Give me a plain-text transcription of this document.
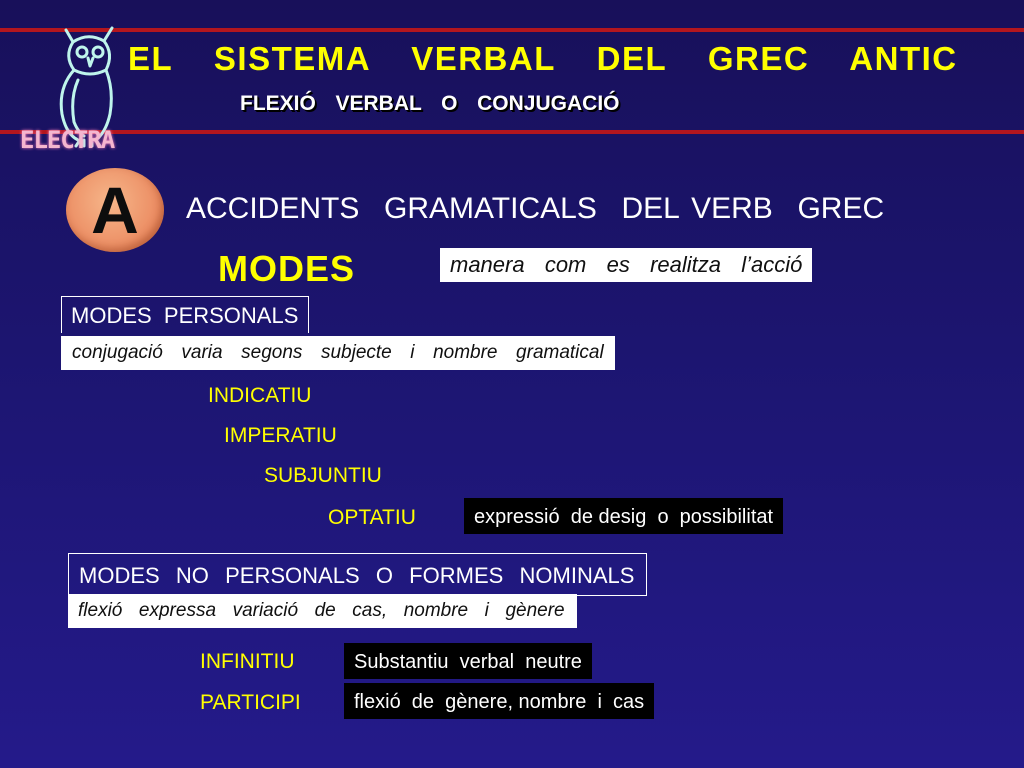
ELECTRA
EL  SISTEMA  VERBAL  DEL  GREC  ANTIC
FLEXIÓ  VERBAL  O  CONJUGACIÓ
A	ACCIDENTS  GRAMATICALS  DEL VERB  GREC
MODES	manera  com  es  realitza  l’acció
MODES  PERSONALS
conjugació  varia  segons  subjecte  i  nombre  gramatical
INDICATIU
IMPERATIU
SUBJUNTIU
OPTATIU	expressió  de desig  o  possibilitat
MODES  NO  PERSONALS  O  FORMES  NOMINALS
flexió  expressa  variació  de  cas,  nombre  i  gènere
INFINITIU	Substantiu  verbal  neutre
PARTICIPI	flexió  de  gènere, nombre  i  cas
